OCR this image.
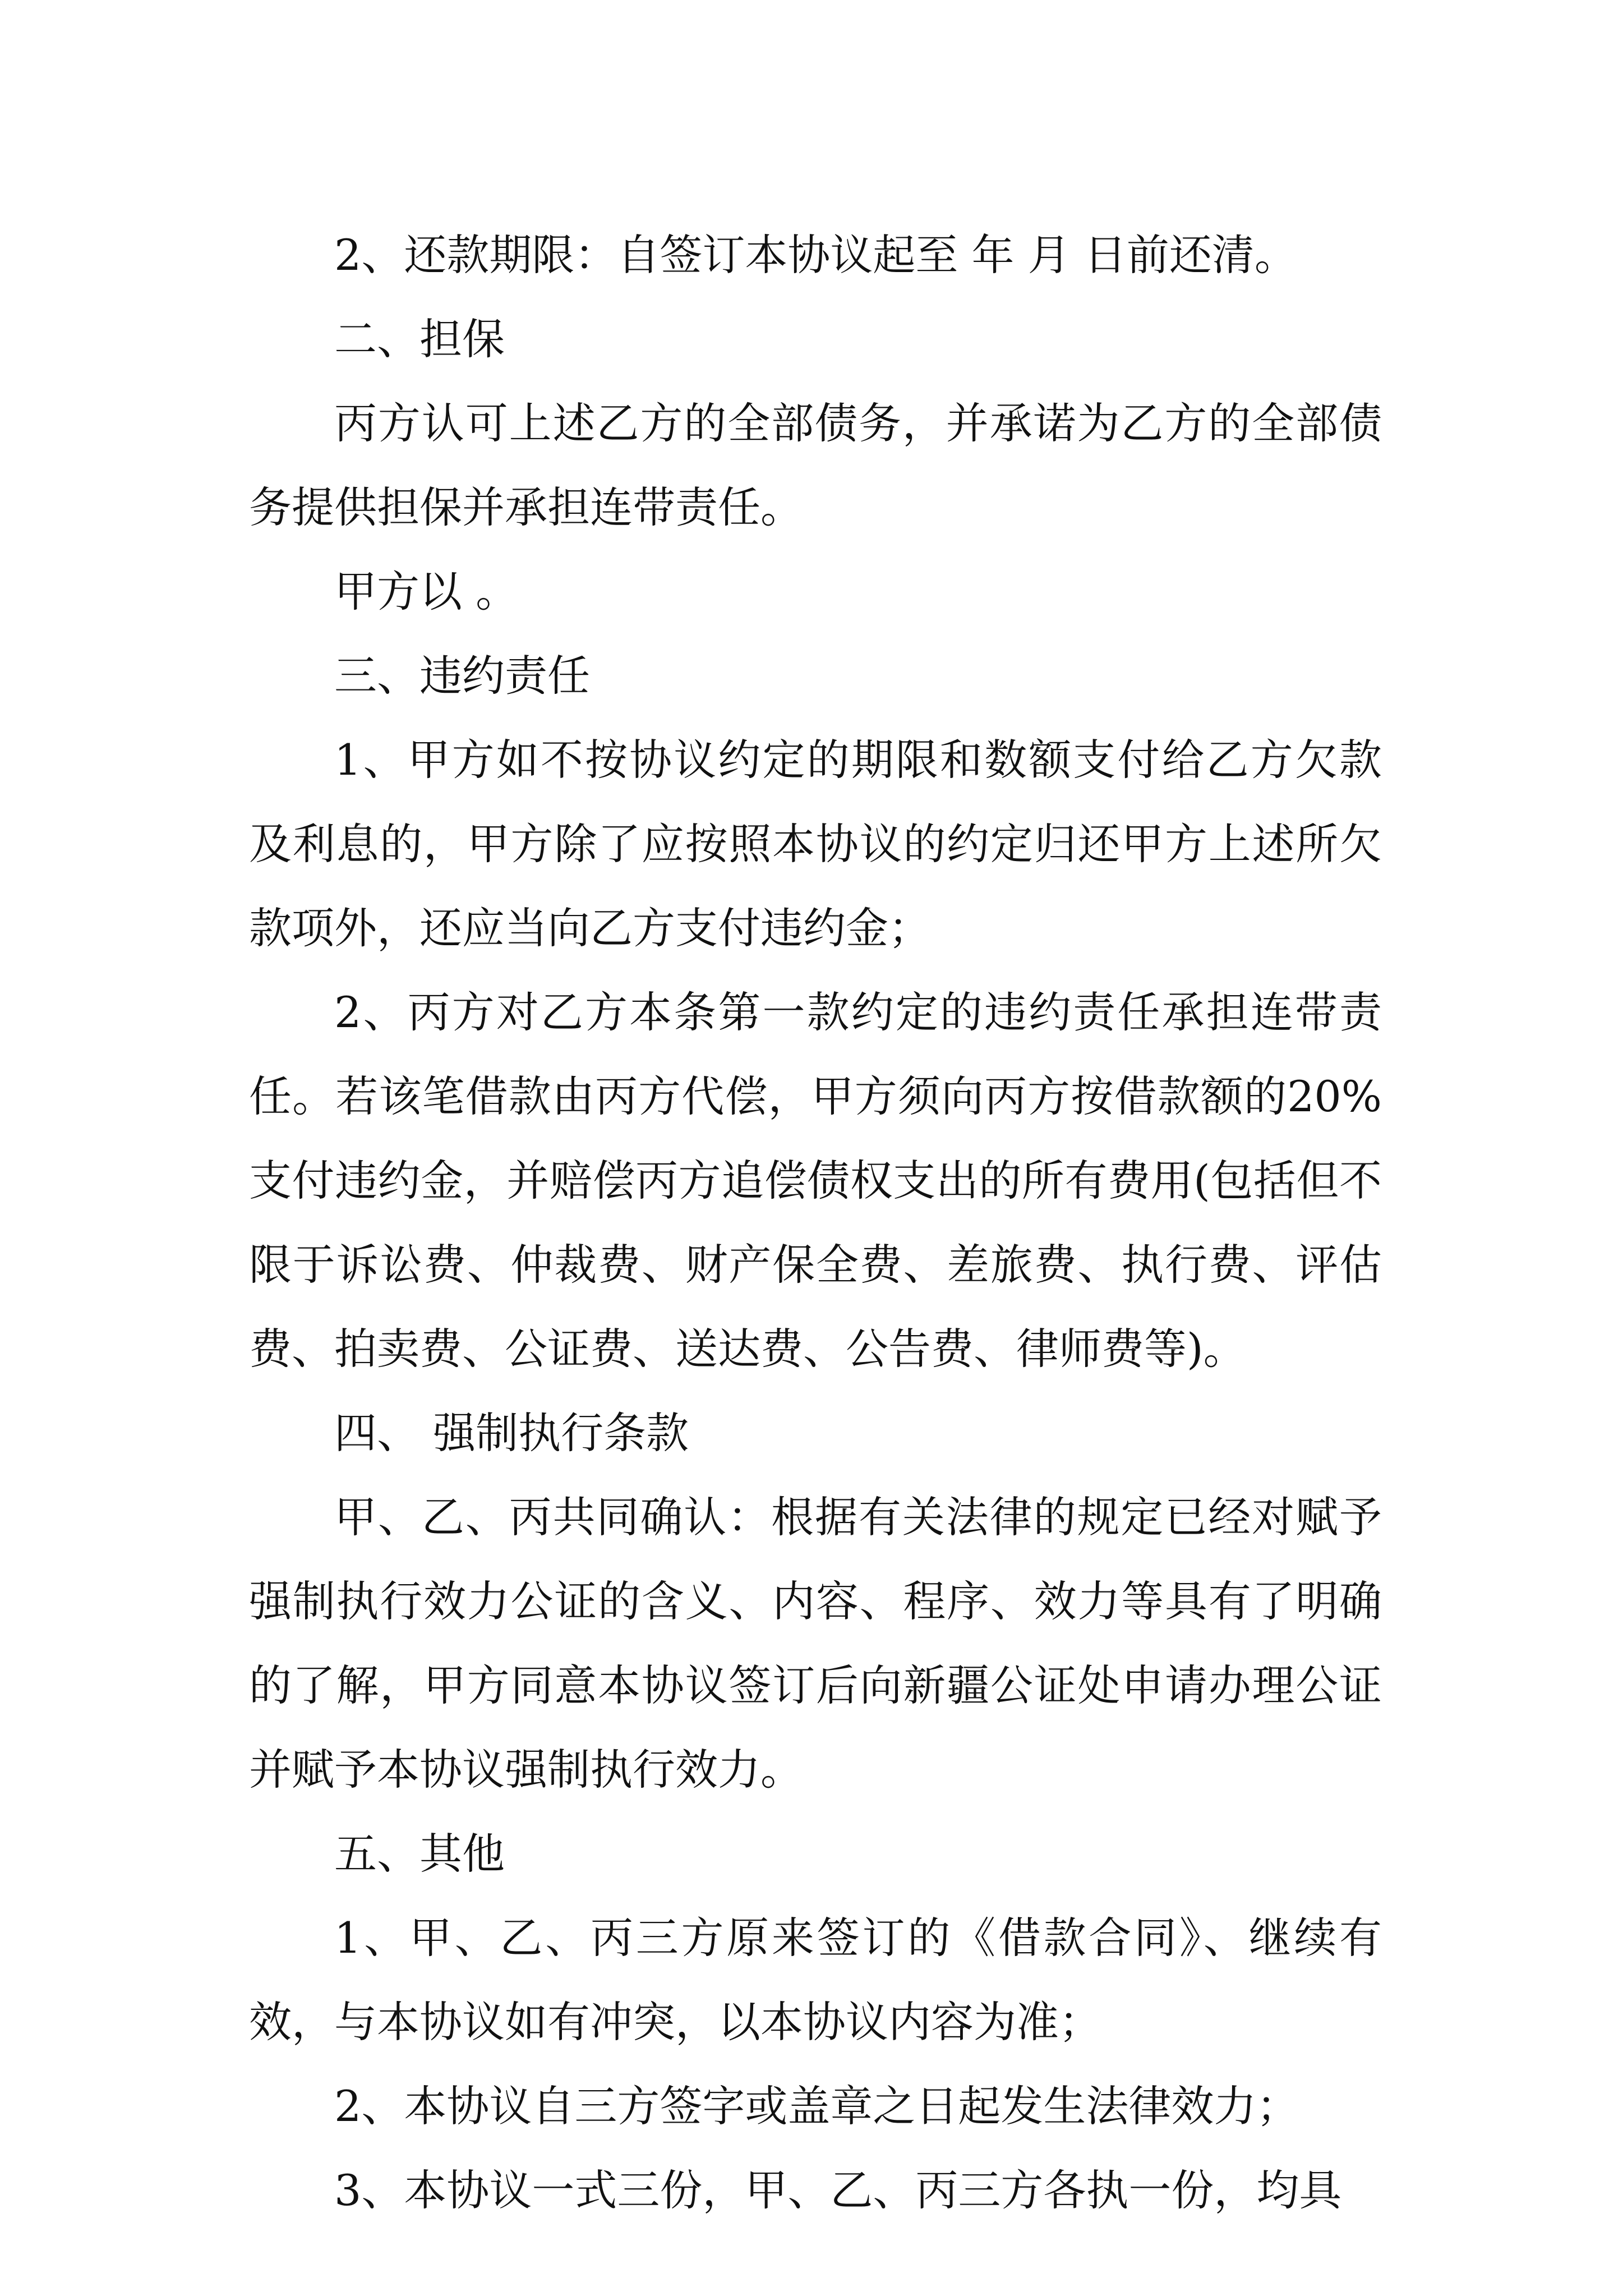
2、还款期限：自签订本协议起至 年 月 日前还清。

二、担保

丙方认可上述乙方的全部债务，并承诺为乙方的全部债务提供担保并承担连带责任。

甲方以 。

三、违约责任

1、甲方如不按协议约定的期限和数额支付给乙方欠款及利息的，甲方除了应按照本协议的约定归还甲方上述所欠款项外，还应当向乙方支付违约金；

2、丙方对乙方本条第一款约定的违约责任承担连带责任。若该笔借款由丙方代偿，甲方须向丙方按借款额的20%支付违约金，并赔偿丙方追偿债权支出的所有费用(包括但不限于诉讼费、仲裁费、财产保全费、差旅费、执行费、评估费、拍卖费、公证费、送达费、公告费、律师费等)。

四、 强制执行条款

甲、乙、丙共同确认：根据有关法律的规定已经对赋予强制执行效力公证的含义、内容、程序、效力等具有了明确的了解，甲方同意本协议签订后向新疆公证处申请办理公证并赋予本协议强制执行效力。

五、其他

1、甲、乙、丙三方原来签订的《借款合同》、继续有效，与本协议如有冲突，以本协议内容为准；

2、本协议自三方签字或盖章之日起发生法律效力；

3、本协议一式三份，甲、乙、丙三方各执一份，均具
